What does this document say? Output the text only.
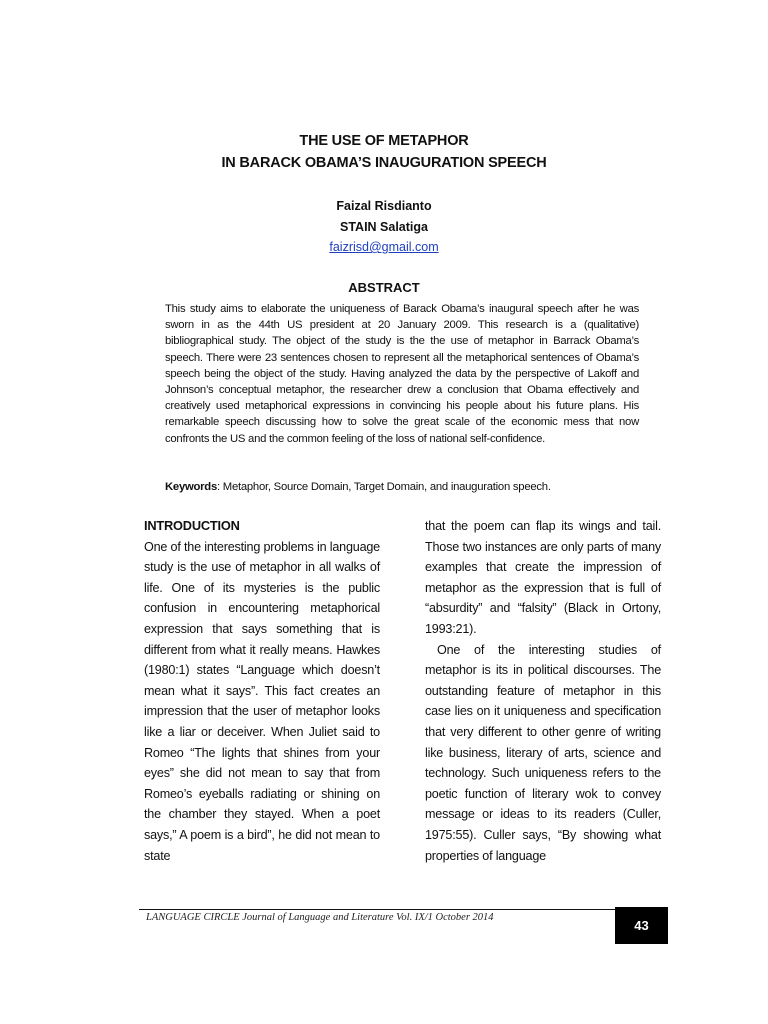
THE USE OF METAPHOR
IN BARACK OBAMA’S INAUGURATION SPEECH
Faizal Risdianto
STAIN Salatiga
faizrisd@gmail.com
ABSTRACT
This study aims to elaborate the uniqueness of Barack Obama’s inaugural speech after he was sworn in as the 44th US president at 20 January 2009. This research is a (qualitative) bibliographical study. The object of the study is the the use of metaphor in Barrack Obama’s speech. There were 23 sentences chosen to represent all the metaphorical sentences of Obama’s speech being the object of the study. Having analyzed the data by the perspective of Lakoff and Johnson’s conceptual metaphor, the researcher drew a conclusion that Obama effectively and creatively used metaphorical expressions in convincing his people about his future plans. His remarkable speech discussing how to solve the great scale of the economic mess that now confronts the US and the common feeling of the loss of national self-confidence.
Keywords: Metaphor, Source Domain, Target Domain, and inauguration speech.

INTRODUCTION

One of the interesting problems in language study is the use of metaphor in all walks of life. One of its mysteries is the public confusion in encountering metaphorical expression that says something that is different from what it really means. Hawkes (1980:1) states “Language which doesn’t mean what it says”. This fact creates an impression that the user of metaphor looks like a liar or deceiver. When Juliet said to Romeo “The lights that shines from your eyes” she did not mean to say that from Romeo’s eyeballs radiating or shining on the chamber they stayed. When a poet says,” A poem is a bird”, he did not mean to state

that the poem can flap its wings and tail. Those two instances are only parts of many examples that create the impression of metaphor as the expression that is full of “absurdity” and “falsity” (Black in Ortony, 1993:21).

One of the interesting studies of metaphor is its in political discourses. The outstanding feature of metaphor in this case lies on it uniqueness and specification that very different to other genre of writing like business, literary of arts, science and technology. Such uniqueness refers to the poetic function of literary wok to convey message or ideas to its readers (Culler, 1975:55). Culler says, “By showing what properties of language

LANGUAGE CIRCLE Journal of Language and Literature Vol. IX/1 October 2014
43
